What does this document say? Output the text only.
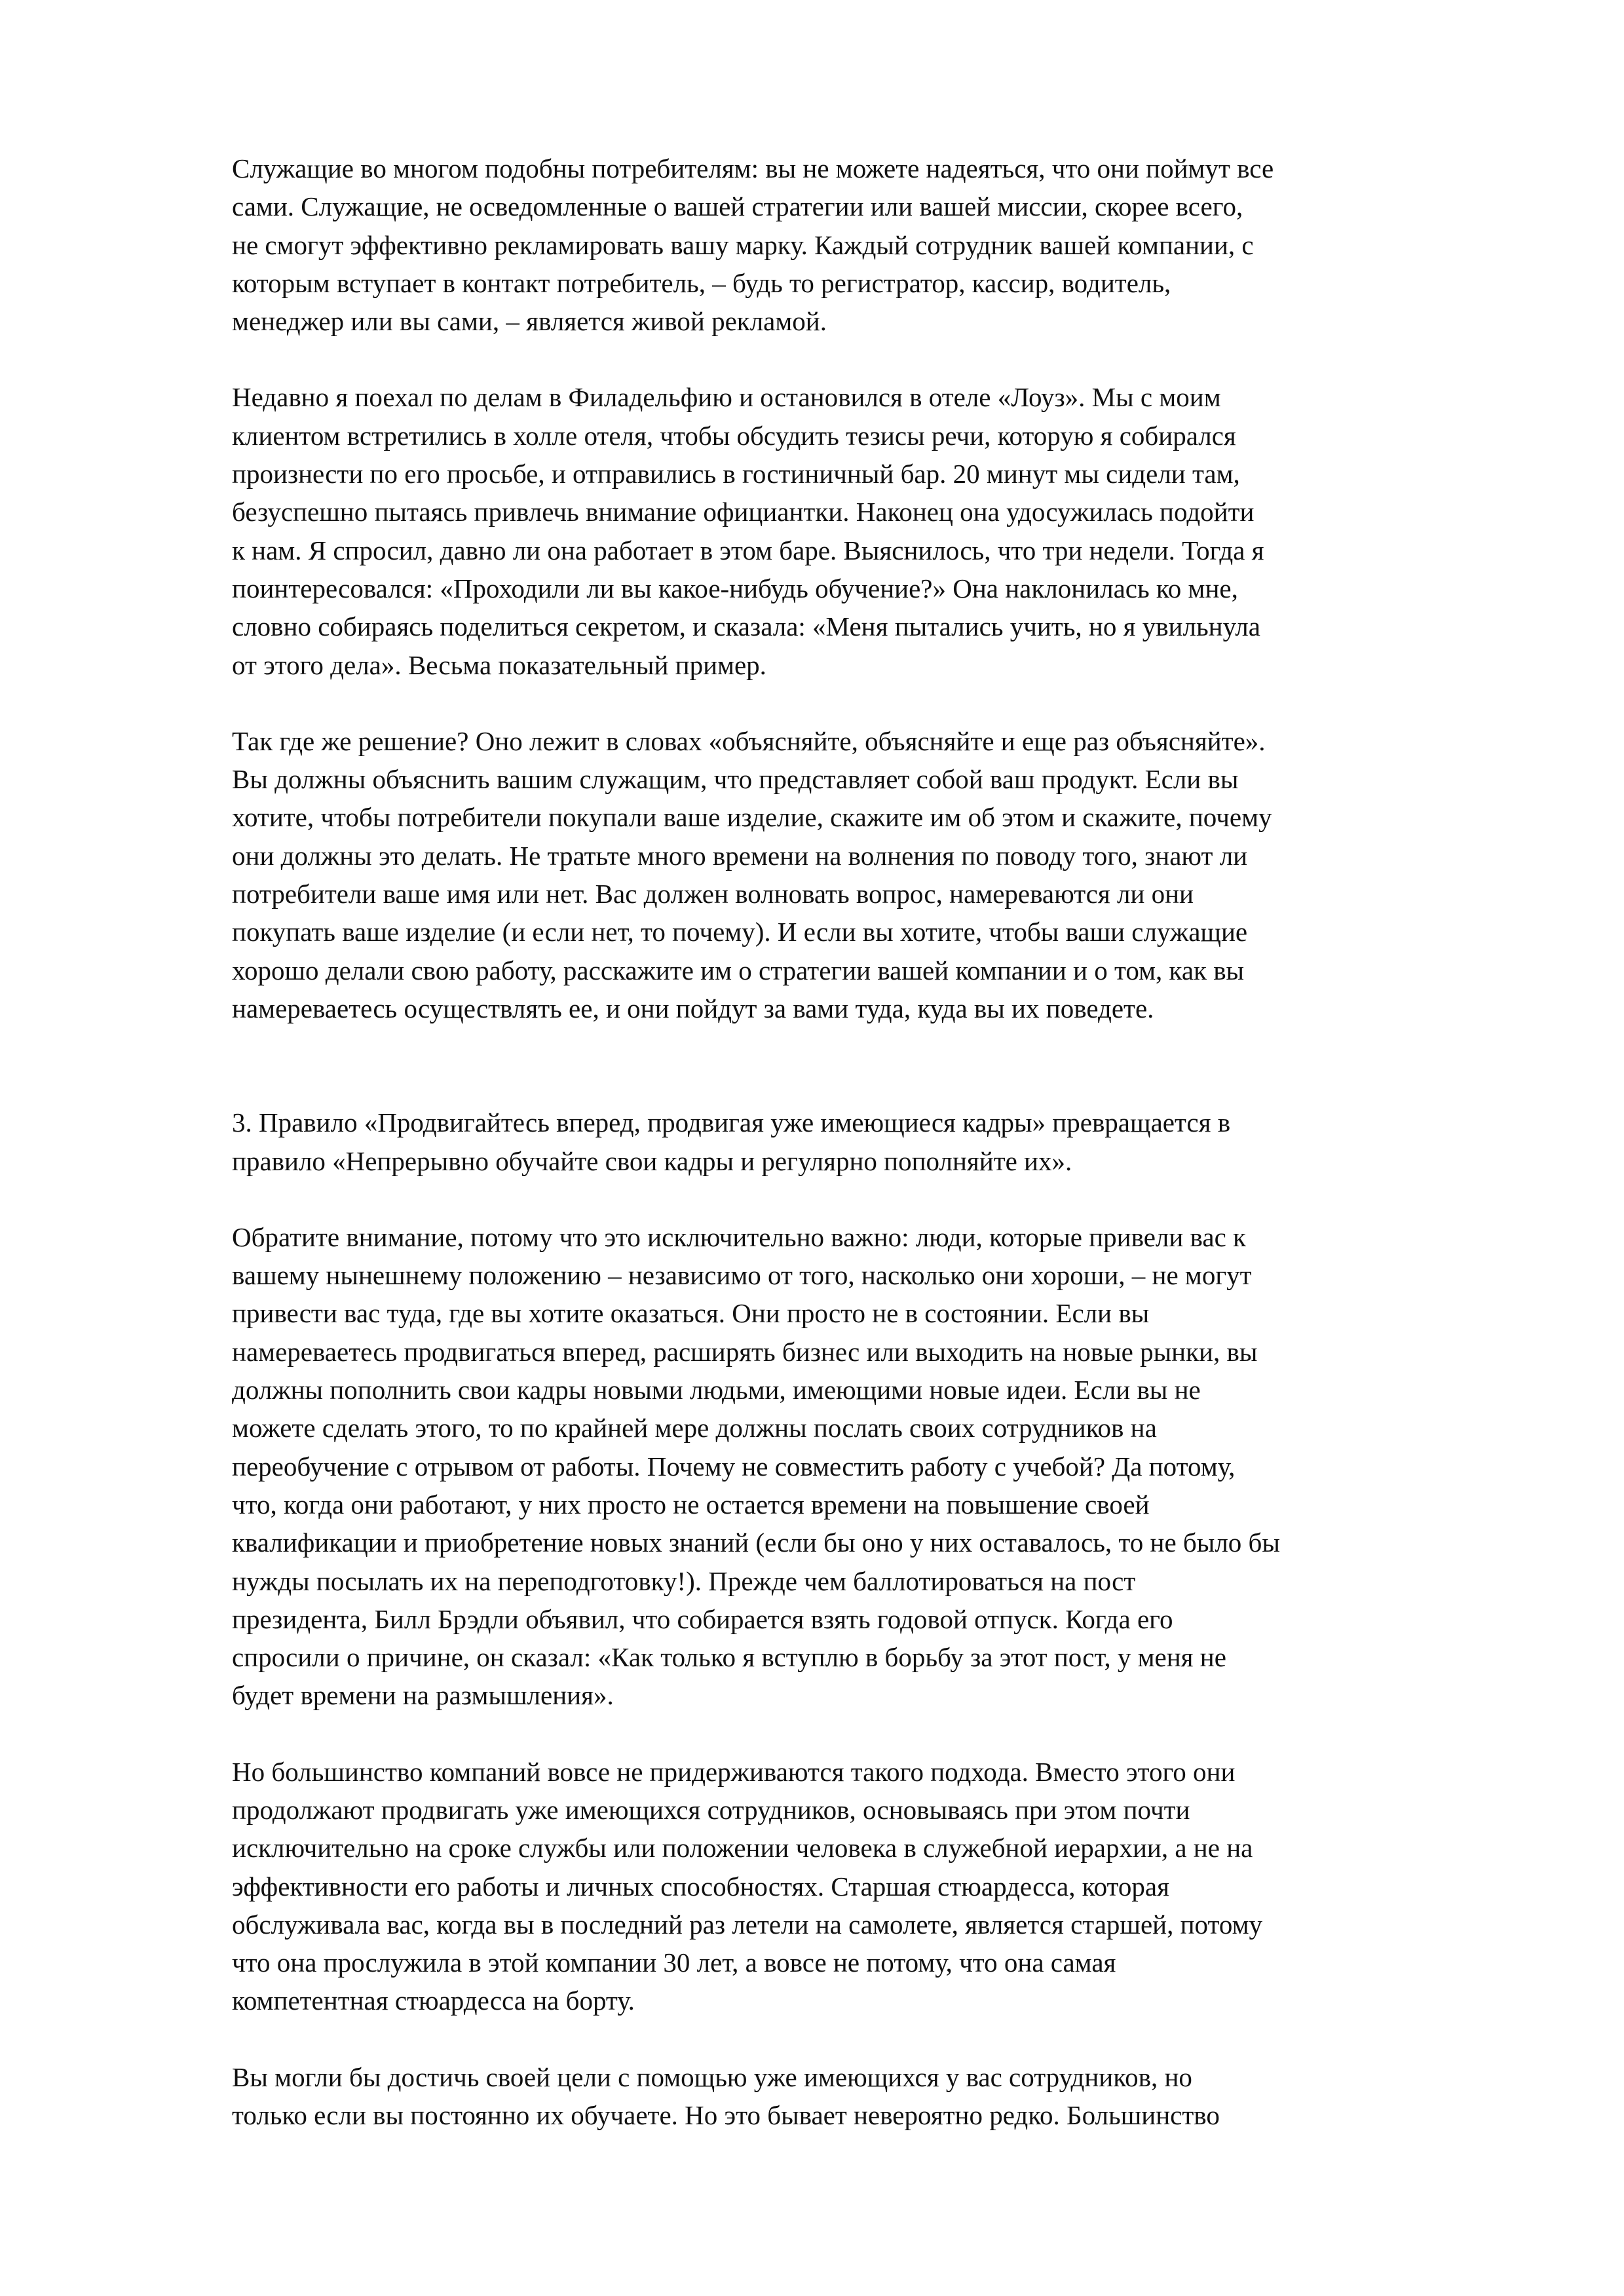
Служащие во многом подобны потребителям: вы не можете надеяться, что они поймут все
сами. Служащие, не осведомленные о вашей стратегии или вашей миссии, скорее всего,
не смогут эффективно рекламировать вашу марку. Каждый сотрудник вашей компании, с
которым вступает в контакт потребитель, – будь то регистратор, кассир, водитель,
менеджер или вы сами, – является живой рекламой.
Недавно я поехал по делам в Филадельфию и остановился в отеле «Лоуз». Мы с моим
клиентом встретились в холле отеля, чтобы обсудить тезисы речи, которую я собирался
произнести по его просьбе, и отправились в гостиничный бар. 20 минут мы сидели там,
безуспешно пытаясь привлечь внимание официантки. Наконец она удосужилась подойти
к нам. Я спросил, давно ли она работает в этом баре. Выяснилось, что три недели. Тогда я
поинтересовался: «Проходили ли вы какое-нибудь обучение?» Она наклонилась ко мне,
словно собираясь поделиться секретом, и сказала: «Меня пытались учить, но я увильнула
от этого дела». Весьма показательный пример.
Так где же решение? Оно лежит в словах «объясняйте, объясняйте и еще раз объясняйте».
Вы должны объяснить вашим служащим, что представляет собой ваш продукт. Если вы
хотите, чтобы потребители покупали ваше изделие, скажите им об этом и скажите, почему
они должны это делать. Не тратьте много времени на волнения по поводу того, знают ли
потребители ваше имя или нет. Вас должен волновать вопрос, намереваются ли они
покупать ваше изделие (и если нет, то почему). И если вы хотите, чтобы ваши служащие
хорошо делали свою работу, расскажите им о стратегии вашей компании и о том, как вы
намереваетесь осуществлять ее, и они пойдут за вами туда, куда вы их поведете.
3. Правило «Продвигайтесь вперед, продвигая уже имеющиеся кадры» превращается в
правило «Непрерывно обучайте свои кадры и регулярно пополняйте их».
Обратите внимание, потому что это исключительно важно: люди, которые привели вас к
вашему нынешнему положению – независимо от того, насколько они хороши, – не могут
привести вас туда, где вы хотите оказаться. Они просто не в состоянии. Если вы
намереваетесь продвигаться вперед, расширять бизнес или выходить на новые рынки, вы
должны пополнить свои кадры новыми людьми, имеющими новые идеи. Если вы не
можете сделать этого, то по крайней мере должны послать своих сотрудников на
переобучение с отрывом от работы. Почему не совместить работу с учебой? Да потому,
что, когда они работают, у них просто не остается времени на повышение своей
квалификации и приобретение новых знаний (если бы оно у них оставалось, то не было бы
нужды посылать их на переподготовку!). Прежде чем баллотироваться на пост
президента, Билл Брэдли объявил, что собирается взять годовой отпуск. Когда его
спросили о причине, он сказал: «Как только я вступлю в борьбу за этот пост, у меня не
будет времени на размышления».
Но большинство компаний вовсе не придерживаются такого подхода. Вместо этого они
продолжают продвигать уже имеющихся сотрудников, основываясь при этом почти
исключительно на сроке службы или положении человека в служебной иерархии, а не на
эффективности его работы и личных способностях. Старшая стюардесса, которая
обслуживала вас, когда вы в последний раз летели на самолете, является старшей, потому
что она прослужила в этой компании 30 лет, а вовсе не потому, что она самая
компетентная стюардесса на борту.
Вы могли бы достичь своей цели с помощью уже имеющихся у вас сотрудников, но
только если вы постоянно их обучаете. Но это бывает невероятно редко. Большинство
